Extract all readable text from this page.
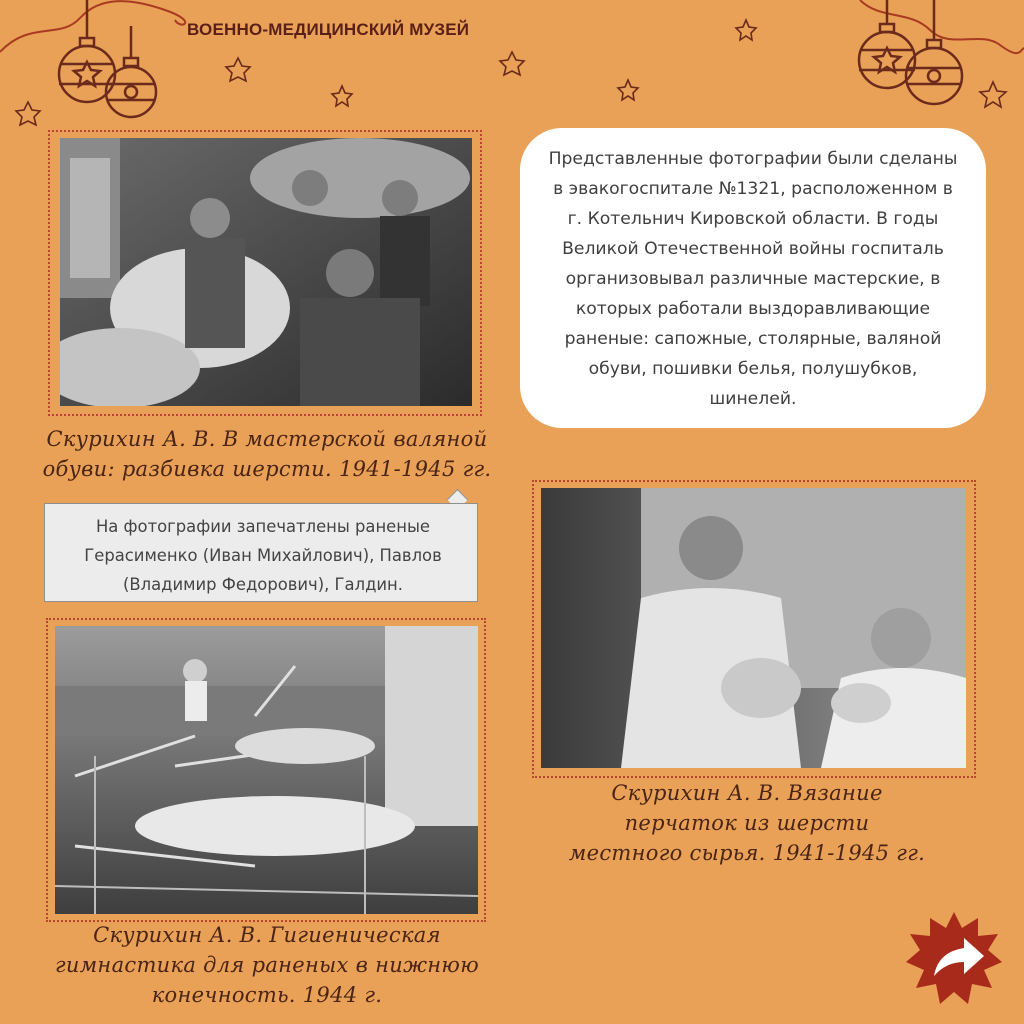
ВОЕННО-МЕДИЦИНСКИЙ МУЗЕЙ
Скурихин А. В. В мастерской валяной
обуви: разбивка шерсти. 1941-1945 гг.
Представленные фотографии были сделаны в эвакогоспитале №1321, расположенном в г. Котельнич Кировской области. В годы Великой Отечественной войны госпиталь организовывал различные мастерские, в которых работали выздоравливающие раненые: сапожные, столярные, валяной обуви, пошивки белья, полушубков, шинелей.
На фотографии запечатлены раненые Герасименко (Иван Михайлович), Павлов (Владимир Федорович), Галдин.
Скурихин А. В. Вязание
перчаток из шерсти
местного сырья. 1941-1945 гг.
Скурихин А. В. Гигиеническая
гимнастика для раненых в нижнюю
конечность. 1944 г.
